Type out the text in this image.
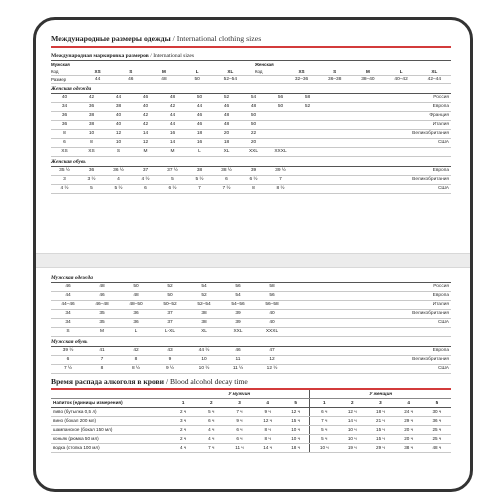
Международные размеры одежды / International clothing sizes
Международная маркировка размеров / International sizes
Мужская							Женская					
Код	XS	S	M	L	XL		Код	XS	S	M	L	XL
Размер	44	46	48	50	52–54			32–36	36–38	38–40	40–42	42–44
Женская одежда
40	42	44	46	48	50	52	54	56	58	Россия
34	36	38	40	42	44	46	48	50	52	Европа
36	38	40	42	44	46	48	50			Франция
36	38	40	42	44	46	48	50			Италия
8	10	12	14	16	18	20	22			Великобритания
6	8	10	12	14	16	18	20			США
XS	XS	S	M	M	L	XL	XXL	XXXL		
Женская обувь
35 ½	36	36 ½	37	37 ½	38	38 ½	39	39 ½		Европа
3	3 ½	4	4 ½	5	5 ½	6	6 ½	7		Великобритания
4 ½	5	5 ½	6	6 ½	7	7 ½	8	8 ½		США
Мужская одежда
46	48	50	52	54	56	58		Россия
44	46	48	50	52	54	56		Европа
44–46	46–48	48–50	50–52	52–54	54–56	56–58		Италия
34	35	36	37	38	39	40		Великобритания
34	35	36	37	38	39	40		США
S	M	L	L-XL	XL	XXL	XXXL		
Мужская обувь
39 ½	41	42	43	44 ½	46	47		Европа
6	7	8	9	10	11	12		Великобритания
7 ½	8	8 ½	9 ½	10 ½	11 ½	12 ½		США
Время распада алкоголя в крови / Blood alcohol decay time
	У мужчин					У женщин				
Напиток (единицы измерения)	1	2	3	4	5	1	2	3	4	5
пиво (бутылка 0,5 л)	2 ч	5 ч	7 ч	9 ч	12 ч	6 ч	12 ч	18 ч	24 ч	30 ч
вино (бокал 200 мл)	3 ч	6 ч	9 ч	12 ч	15 ч	7 ч	14 ч	21 ч	29 ч	36 ч
шампанское (бокал 150 мл)	2 ч	4 ч	6 ч	8 ч	10 ч	5 ч	10 ч	15 ч	20 ч	25 ч
коньяк (рюмка 50 мл)	2 ч	4 ч	6 ч	8 ч	10 ч	5 ч	10 ч	15 ч	20 ч	25 ч
водка (стопка 100 мл)	4 ч	7 ч	11 ч	14 ч	18 ч	10 ч	19 ч	29 ч	38 ч	48 ч
